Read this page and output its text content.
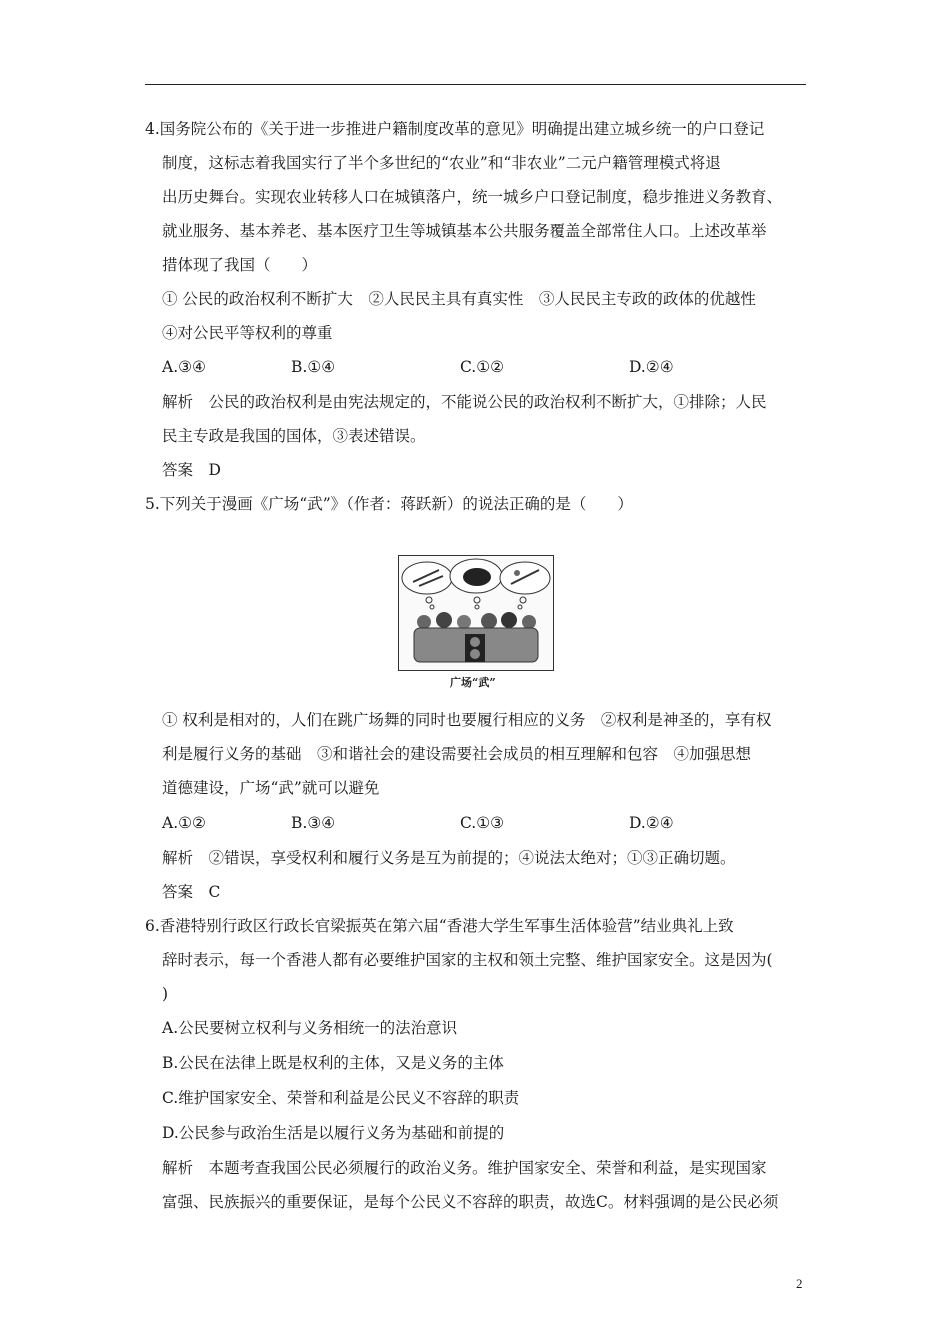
4.国务院公布的《关于进一步推进户籍制度改革的意见》明确提出建立城乡统一的户口登记
制度，这标志着我国实行了半个多世纪的“农业”和“非农业”二元户籍管理模式将退
出历史舞台。实现农业转移人口在城镇落户，统一城乡户口登记制度，稳步推进义务教育、
就业服务、基本养老、基本医疗卫生等城镇基本公共服务覆盖全部常住人口。上述改革举
措体现了我国（　　）
① 公民的政治权利不断扩大　②人民民主具有真实性　③人民民主专政的政体的优越性
④对公民平等权利的尊重
A.③④	B.①④	C.①②	D.②④
解析　公民的政治权利是由宪法规定的，不能说公民的政治权利不断扩大，①排除；人民
民主专政是我国的国体，③表述错误。
答案　D
5.下列关于漫画《广场“武”》（作者：蒋跃新）的说法正确的是（　　）
广场“武”
① 权利是相对的，人们在跳广场舞的同时也要履行相应的义务　②权利是神圣的，享有权
利是履行义务的基础　③和谐社会的建设需要社会成员的相互理解和包容　④加强思想
道德建设，广场“武”就可以避免
A.①②	B.③④	C.①③	D.②④
解析　②错误，享受权利和履行义务是互为前提的；④说法太绝对；①③正确切题。
答案　C
6.香港特别行政区行政长官梁振英在第六届“香港大学生军事生活体验营”结业典礼上致
辞时表示，每一个香港人都有必要维护国家的主权和领土完整、维护国家安全。这是因为(
)
A.公民要树立权利与义务相统一的法治意识
B.公民在法律上既是权利的主体，又是义务的主体
C.维护国家安全、荣誉和利益是公民义不容辞的职责
D.公民参与政治生活是以履行义务为基础和前提的
解析　本题考查我国公民必须履行的政治义务。维护国家安全、荣誉和利益，是实现国家
富强、民族振兴的重要保证，是每个公民义不容辞的职责，故选C。材料强调的是公民必须
2
